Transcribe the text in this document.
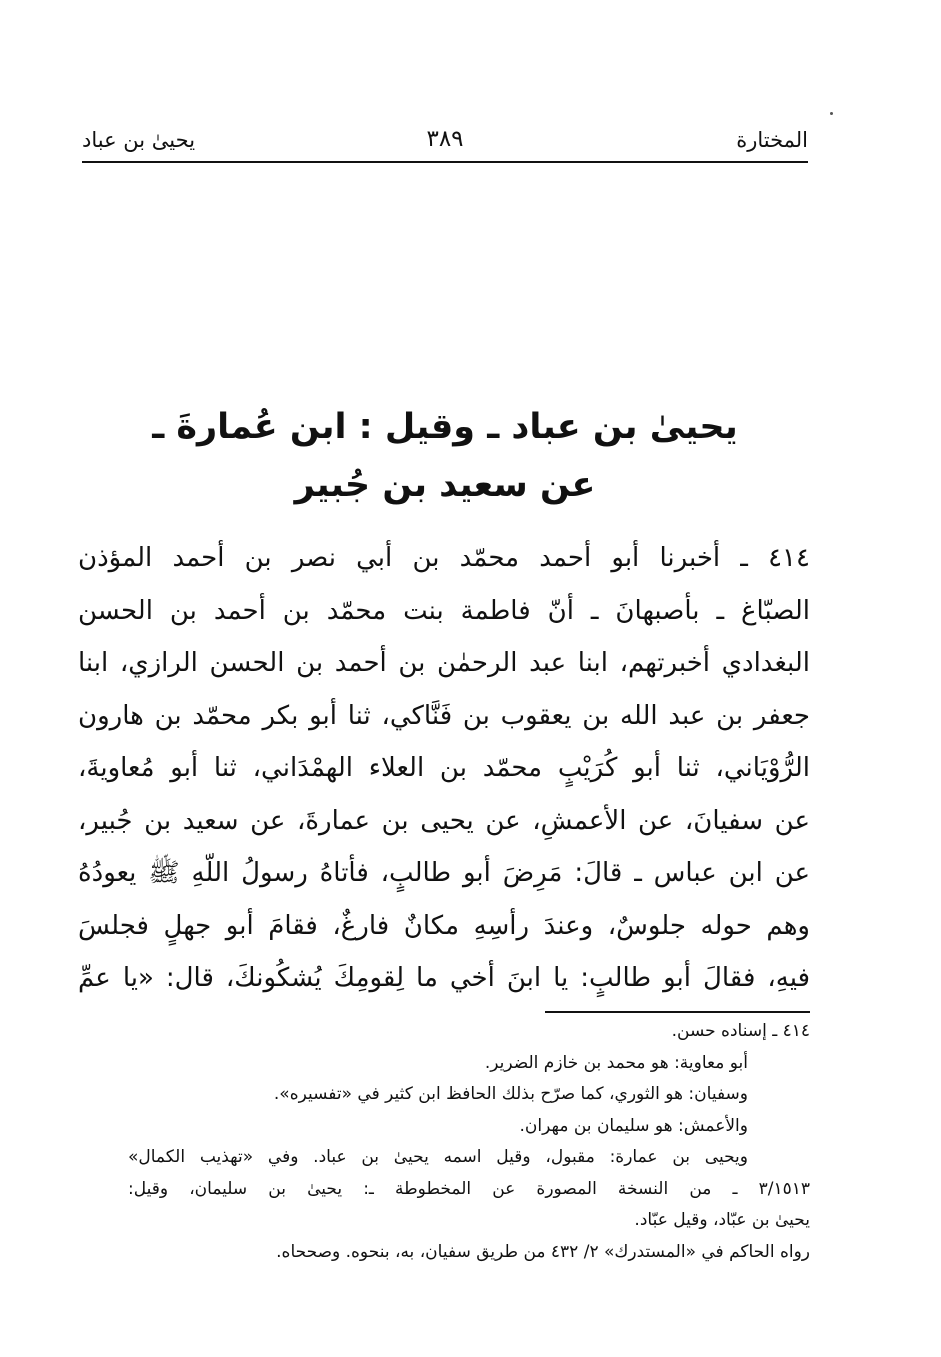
المختارة
٣٨٩
يحيىٰ بن عباد
يحيىٰ بن عباد ـ وقيل : ابن عُمارةَ ـ
عن سعيد بن جُبير
٤١٤ ـ أخبرنا أبو أحمد محمّد بن أبي نصر بن أحمد المؤذن
الصبّاغ ـ بأصبهانَ ـ أنّ فاطمة بنت محمّد بن أحمد بن الحسن
البغدادي أخبرتهم، ابنا عبد الرحمٰن بن أحمد بن الحسن الرازي، ابنا
جعفر بن عبد الله بن يعقوب بن فَنَّاكي، ثنا أبو بكر محمّد بن هارون
الرُّوْيَاني، ثنا أبو كُرَيْبٍ محمّد بن العلاء الهمْدَاني، ثنا أبو مُعاويةَ،
عن سفيانَ، عن الأعمشِ، عن يحيى بن عمارةَ، عن سعيد بن جُبير،
عن ابن عباس ـ قالَ: مَرِضَ أبو طالبٍ، فأتاهُ رسولُ اللّهِ ﷺ يعودُهُ
وهم حوله جلوسٌ، وعندَ رأسِهِ مكانٌ فارغٌ، فقامَ أبو جهلٍ فجلسَ
فيهِ، فقالَ أبو طالبٍ: يا ابنَ أخي ما لِقومِكَ يُشكُونكَ، قال: «يا عمِّ
٤١٤ ـ إسناده حسن.
أبو معاوية: هو محمد بن خازم الضرير.
وسفيان: هو الثوري، كما صرّح بذلك الحافظ ابن كثير في «تفسيره».
والأعمش: هو سليمان بن مهران.
ويحيى بن عمارة: مقبول، وقيل اسمه يحيىٰ بن عباد. وفي «تهذيب الكمال»
٣/١٥١٣ ـ من النسخة المصورة عن المخطوطة ـ: يحيىٰ بن سليمان، وقيل:
يحيىٰ بن عبّاد، وقيل عبّاد.
رواه الحاكم في «المستدرك» ٢/ ٤٣٢ من طريق سفيان، به، بنحوه. وصححاه.
